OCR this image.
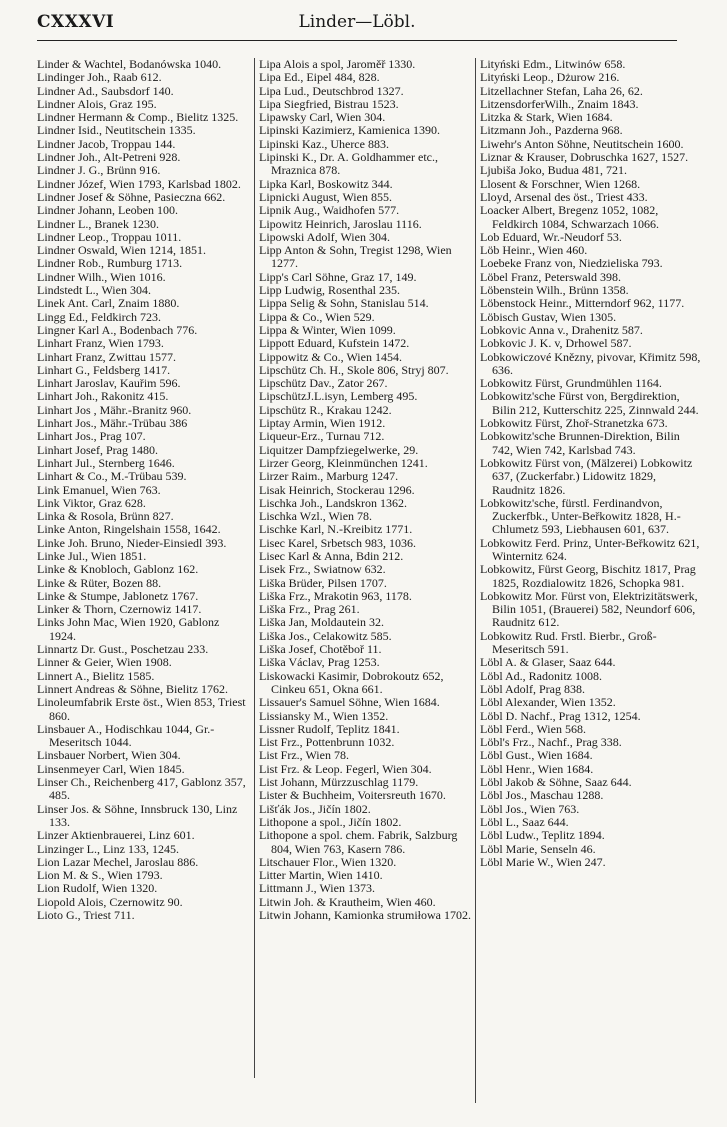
CXXXVI	Linder—Löbl.

Linder & Wachtel, Bodanówska 1040.

Lindinger Joh., Raab 612.

Lindner Ad., Saubsdorf 140.

Lindner Alois, Graz 195.

Lindner Hermann & Comp., Bielitz 1325.

Lindner Isid., Neutitschein 1335.

Lindner Jacob, Troppau 144.

Lindner Joh., Alt-Petreni 928.

Lindner J. G., Brünn 916.

Lindner Józef, Wien 1793, Karlsbad 1802.

Lindner Josef & Söhne, Pasieczna 662.

Lindner Johann, Leoben 100.

Lindner L., Branek 1230.

Lindner Leop., Troppau 1011.

Lindner Oswald, Wien 1214, 1851.

Lindner Rob., Rumburg 1713.

Lindner Wilh., Wien 1016.

Lindstedt L., Wien 304.

Linek Ant. Carl, Znaim 1880.

Lingg Ed., Feldkirch 723.

Lingner Karl A., Bodenbach 776.

Linhart Franz, Wien 1793.

Linhart Franz, Zwittau 1577.

Linhart G., Feldsberg 1417.

Linhart Jaroslav, Kauřim 596.

Linhart Joh., Rakonitz 415.

Linhart Jos , Mähr.-Branitz 960.

Linhart Jos., Mähr.-Trübau 386

Linhart Jos., Prag 107.

Linhart Josef, Prag 1480.

Linhart Jul., Sternberg 1646.

Linhart & Co., M.-Trübau 539.

Link Emanuel, Wien 763.

Link Viktor, Graz 628.

Linka & Rosola, Brünn 827.

Linke Anton, Ringelshain 1558, 1642.

Linke Joh. Bruno, Nieder-Einsiedl 393.

Linke Jul., Wien 1851.

Linke & Knobloch, Gablonz 162.

Linke & Rüter, Bozen 88.

Linke & Stumpe, Jablonetz 1767.

Linker & Thorn, Czernowiz 1417.

Links John Mac, Wien 1920, Gablonz 1924.

Linnartz Dr. Gust., Poschetzau 233.

Linner & Geier, Wien 1908.

Linnert A., Bielitz 1585.

Linnert Andreas & Söhne, Bielitz 1762.

Linoleumfabrik Erste öst., Wien 853, Triest 860.

Linsbauer A., Hodischkau 1044, Gr.-Meseritsch 1044.

Linsbauer Norbert, Wien 304.

Linsenmeyer Carl, Wien 1845.

Linser Ch., Reichenberg 417, Gablonz 357, 485.

Linser Jos. & Söhne, Innsbruck 130, Linz 133.

Linzer Aktienbrauerei, Linz 601.

Linzinger L., Linz 133, 1245.

Lion Lazar Mechel, Jaroslau 886.

Lion M. & S., Wien 1793.

Lion Rudolf, Wien 1320.

Liopold Alois, Czernowitz 90.

Lioto G., Triest 711.

Lipa Alois a spol, Jaroměř 1330.

Lipa Ed., Eipel 484, 828.

Lipa Lud., Deutschbrod 1327.

Lipa Siegfried, Bistrau 1523.

Lipawsky Carl, Wien 304.

Lipinski Kazimierz, Kamienica 1390.

Lipinski Kaz., Uherce 883.

Lipinski K., Dr. A. Goldhammer etc., Mraznica 878.

Lipka Karl, Boskowitz 344.

Lipnicki August, Wien 855.

Lipnik Aug., Waidhofen 577.

Lipowitz Heinrich, Jaroslau 1116.

Lipowski Adolf, Wien 304.

Lipp Anton & Sohn, Tregist 1298, Wien 1277.

Lipp's Carl Söhne, Graz 17, 149.

Lipp Ludwig, Rosenthal 235.

Lippa Selig & Sohn, Stanislau 514.

Lippa & Co., Wien 529.

Lippa & Winter, Wien 1099.

Lippott Eduard, Kufstein 1472.

Lippowitz & Co., Wien 1454.

Lipschütz Ch. H., Skole 806, Stryj 807.

Lipschütz Dav., Zator 267.

LipschützJ.L.isyn, Lemberg 495.

Lipschütz R., Krakau 1242.

Liptay Armin, Wien 1912.

Liqueur-Erz., Turnau 712.

Liquitzer Dampfziegelwerke, 29.

Lirzer Georg, Kleinmünchen 1241.

Lirzer Raim., Marburg 1247.

Lisak Heinrich, Stockerau 1296.

Lischka Joh., Landskron 1362.

Lischka Wzl., Wien 78.

Lischke Karl, N.-Kreibitz 1771.

Lisec Karel, Srbetsch 983, 1036.

Lisec Karl & Anna, Bdin 212.

Lisek Frz., Swiatnow 632.

Liška Brüder, Pilsen 1707.

Liška Frz., Mrakotin 963, 1178.

Liška Frz., Prag 261.

Liška Jan, Moldautein 32.

Liška Jos., Celakowitz 585.

Liška Josef, Chotěboř 11.

Liška Václav, Prag 1253.

Liskowacki Kasimir, Dobrokoutz 652, Cinkeu 651, Okna 661.

Lissauer's Samuel Söhne, Wien 1684.

Lissiansky M., Wien 1352.

Lissner Rudolf, Teplitz 1841.

List Frz., Pottenbrunn 1032.

List Frz., Wien 78.

List Frz. & Leop. Fegerl, Wien 304.

List Johann, Mürzzuschlag 1179.

Lister & Buchheim, Voitersreuth 1670.

Lišťák Jos., Jičín 1802.

Lithopone a spol., Jičín 1802.

Lithopone a spol. chem. Fabrik, Salzburg 804, Wien 763, Kasern 786.

Litschauer Flor., Wien 1320.

Litter Martin, Wien 1410.

Littmann J., Wien 1373.

Litwin Joh. & Krautheim, Wien 460.

Litwin Johann, Kamionka strumiłowa 1702.

Lityński Edm., Litwinów 658.

Lityński Leop., Dżurow 216.

Litzellachner Stefan, Laha 26, 62.

LitzensdorferWilh., Znaim 1843.

Litzka & Stark, Wien 1684.

Litzmann Joh., Pazderna 968.

Liwehr's Anton Söhne, Neutitschein 1600.

Liznar & Krauser, Dobruschka 1627, 1527.

Ljubiša Joko, Budua 481, 721.

Llosent & Forschner, Wien 1268.

Lloyd, Arsenal des öst., Triest 433.

Loacker Albert, Bregenz 1052, 1082, Feldkirch 1084, Schwarzach 1066.

Lob Eduard, Wr.-Neudorf 53.

Löb Heinr., Wien 460.

Loebeke Franz von, Niedzieliska 793.

Löbel Franz, Peterswald 398.

Löbenstein Wilh., Brünn 1358.

Löbenstock Heinr., Mitterndorf 962, 1177.

Löbisch Gustav, Wien 1305.

Lobkovic Anna v., Drahenitz 587.

Lobkovic J. K. v, Drhowel 587.

Lobkowiczové Knězny, pivovar, Křimitz 598, 636.

Lobkowitz Fürst, Grundmühlen 1164.

Lobkowitz'sche Fürst von, Bergdirektion, Bilin 212, Kutterschitz 225, Zinnwald 244.

Lobkowitz Fürst, Zhoř-Stranetzka 673.

Lobkowitz'sche Brunnen-Direktion, Bilin 742, Wien 742, Karlsbad 743.

Lobkowitz Fürst von, (Mälzerei) Lobkowitz 637, (Zuckerfabr.) Lidowitz 1829, Raudnitz 1826.

Lobkowitz'sche, fürstl. Ferdinandvon, Zuckerfbk., Unter-Beřkowitz 1828, H.-Chlumetz 593, Liebhausen 601, 637.

Lobkowitz Ferd. Prinz, Unter-Beřkowitz 621, Winternitz 624.

Lobkowitz, Fürst Georg, Bischitz 1817, Prag 1825, Rozdialowitz 1826, Schopka 981.

Lobkowitz Mor. Fürst von, Elektrizitätswerk, Bilin 1051, (Brauerei) 582, Neundorf 606, Raudnitz 612.

Lobkowitz Rud. Frstl. Bierbr., Groß-Meseritsch 591.

Löbl A. & Glaser, Saaz 644.

Löbl Ad., Radonitz 1008.

Löbl Adolf, Prag 838.

Löbl Alexander, Wien 1352.

Löbl D. Nachf., Prag 1312, 1254.

Löbl Ferd., Wien 568.

Löbl's Frz., Nachf., Prag 338.

Löbl Gust., Wien 1684.

Löbl Henr., Wien 1684.

Löbl Jakob & Söhne, Saaz 644.

Löbl Jos., Maschau 1288.

Löbl Jos., Wien 763.

Löbl L., Saaz 644.

Löbl Ludw., Teplitz 1894.

Löbl Marie, Senseln 46.

Löbl Marie W., Wien 247.
